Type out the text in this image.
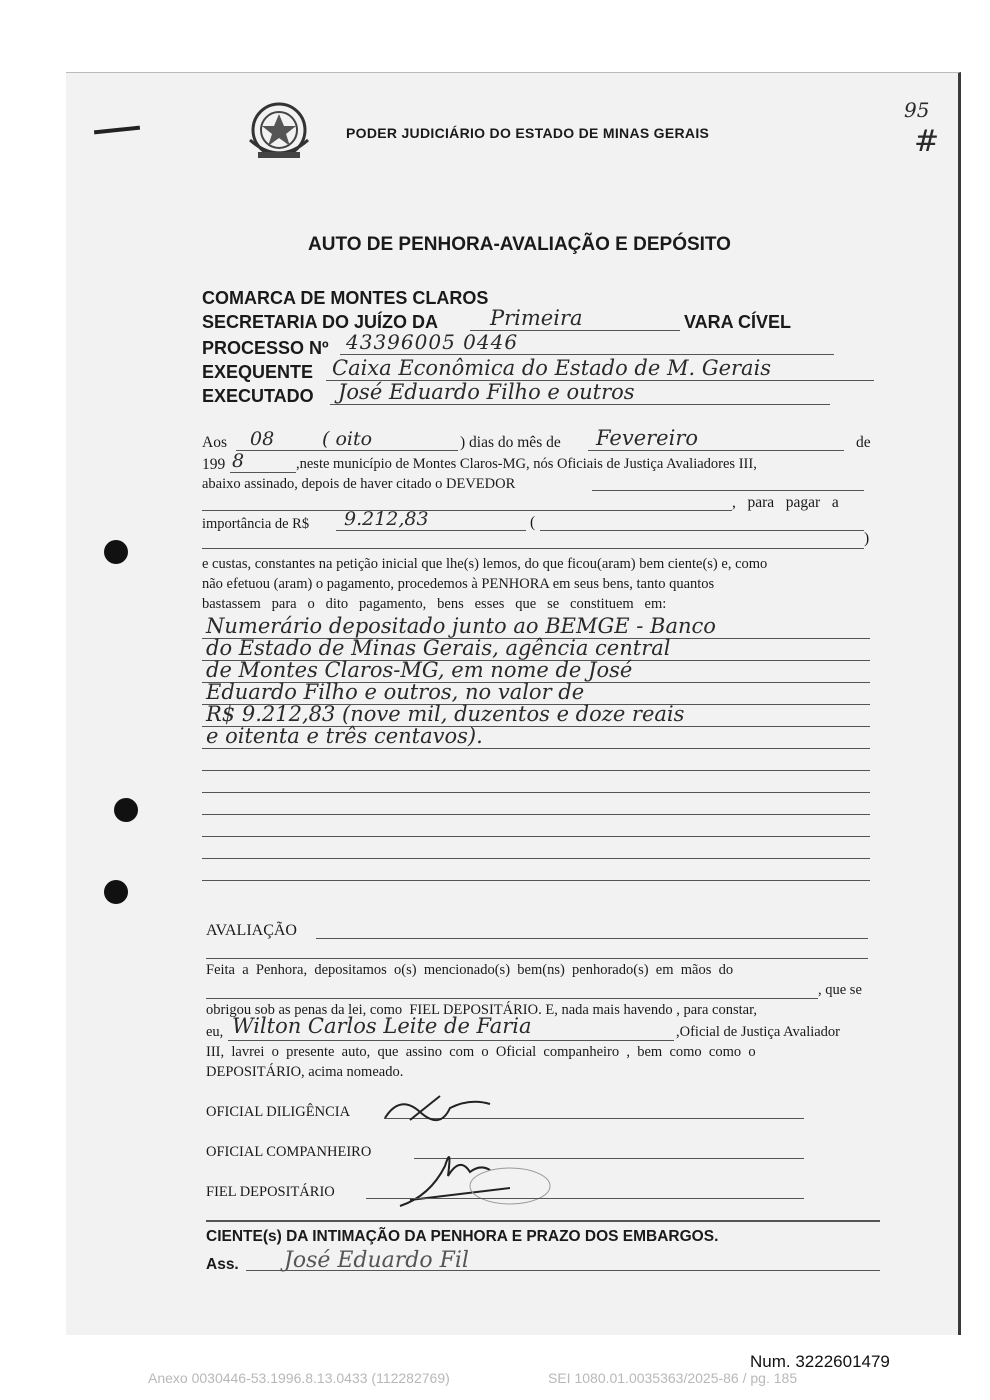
PODER JUDICIÁRIO DO ESTADO DE MINAS GERAIS
95
#
AUTO DE PENHORA-AVALIAÇÃO E DEPÓSITO
COMARCA DE MONTES CLAROS
SECRETARIA DO JUÍZO DA Primeira	VARA CÍVEL
PROCESSO Nº 43396005 0446
EXEQUENTE Caixa Econômica do Estado de M. Gerais
EXECUTADO José Eduardo Filho e outros
Aos 08	( oito	) dias do mês de Fevereiro	de
199 8	,neste município de Montes Claros-MG, nós Oficiais de Justiça Avaliadores III,
abaixo assinado, depois de haver citado o DEVEDOR
,   para   pagar   a
importância de R$ 9.212,83	(
)
e custas, constantes na petição inicial que lhe(s) lemos, do que ficou(aram) bem ciente(s) e, como
não efetuou (aram) o pagamento, procedemos à PENHORA em seus bens, tanto quantos
bastassem   para   o   dito   pagamento,   bens   esses   que   se   constituem   em:
Numerário depositado junto ao BEMGE - Banco
do Estado de Minas Gerais, agência central
de Montes Claros-MG, em nome de José
Eduardo Filho e outros, no valor de
R$ 9.212,83 (nove mil, duzentos e doze reais
e oitenta e três centavos).
AVALIAÇÃO
Feita  a  Penhora,  depositamos  o(s)  mencionado(s)  bem(ns)  penhorado(s)  em  mãos  do
, que se
obrigou sob as penas da lei, como  FIEL DEPOSITÁRIO. E, nada mais havendo , para constar,
eu, Wilton Carlos Leite de Faria	,Oficial de Justiça Avaliador
III,  lavrei  o  presente  auto,  que  assino  com  o  Oficial  companheiro  ,  bem  como  como  o
DEPOSITÁRIO, acima nomeado.
OFICIAL DILIGÊNCIA
OFICIAL COMPANHEIRO
FIEL DEPOSITÁRIO
CIENTE(s) DA INTIMAÇÃO DA PENHORA E PRAZO DOS EMBARGOS.
Ass. José Eduardo Fil
Num. 3222601479
Anexo 0030446-53.1996.8.13.0433 (112282769)	SEI 1080.01.0035363/2025-86 / pg. 185
